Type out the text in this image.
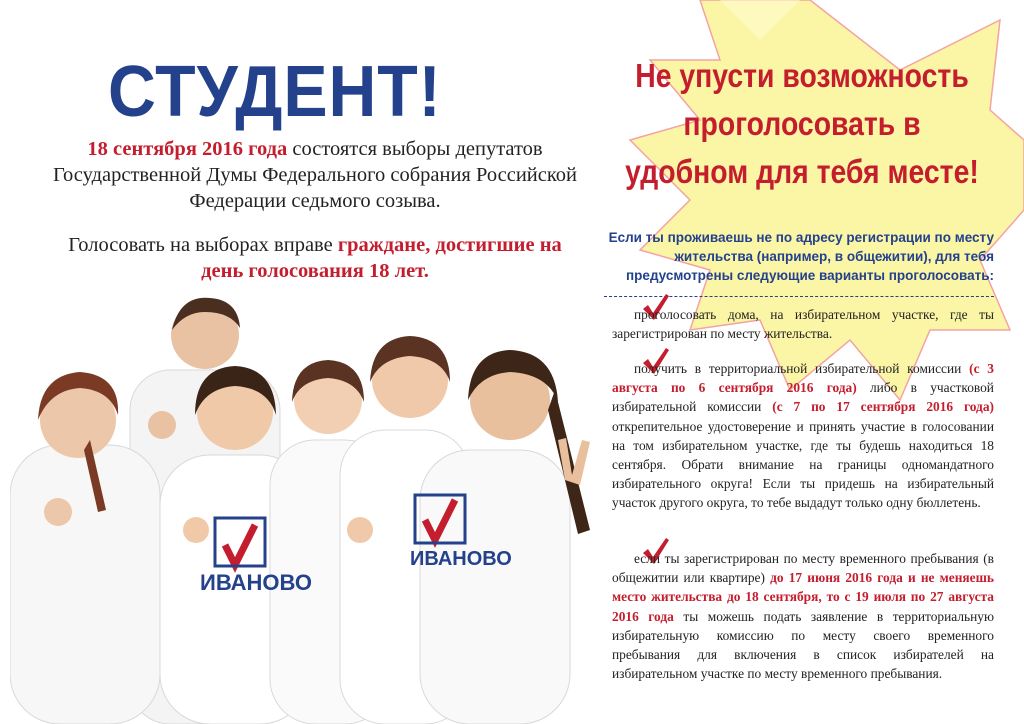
СТУДЕНТ!

18 сентября 2016 года состоятся выборы депутатов Государственной Думы Федерального собрания Российской Федерации седьмого созыва.

Голосовать на выборах вправе граждане, достигшие на день голосования 18 лет.

Не упусти возможность проголосовать в удобном для тебя месте!

Если ты проживаешь не по адресу регистрации по месту жительства (например, в общежитии), для тебя предусмотрены следующие варианты проголосовать:

проголосовать дома, на избирательном участке, где ты зарегистрирован по месту жительства.

получить в территориальной избирательной комиссии (с 3 августа по 6 сентября 2016 года) либо в участковой избирательной комиссии (с 7 по 17 сентября 2016 года) открепительное удостоверение и принять участие в голосовании на том избирательном участке, где ты будешь находиться 18 сентября. Обрати внимание на границы одномандатного избирательного округа! Если ты придешь на избирательный участок другого округа, то тебе выдадут только одну бюллетень.

если ты зарегистрирован по месту временного пребывания (в общежитии или квартире) до 17 июня 2016 года и не меняешь место жительства до 18 сентября, то с 19 июля по 27 августа 2016 года ты можешь подать заявление в территориальную избирательную комиссию по месту своего временного пребывания для включения в список избирателей на избирательном участке по месту временного пребывания.

ИВАНОВО
ИВАНОВО
